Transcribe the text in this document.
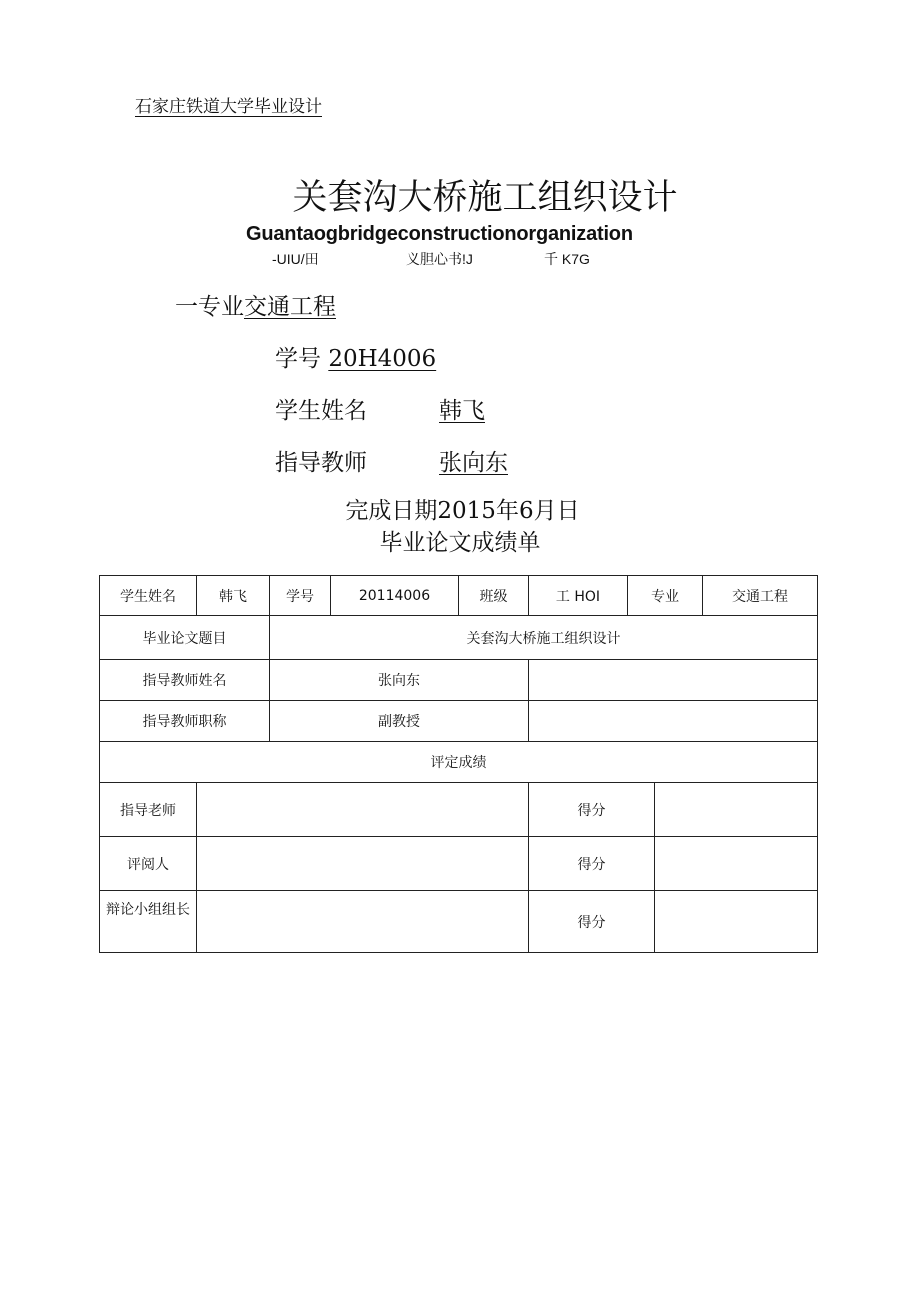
石家庄铁道大学毕业设计
关套沟大桥施工组织设计
Guantaogbridgeconstructionorganization
-UIU/田	义胆心书!J	千 K7G
一专业交通工程
学号 20H4006
学生姓名	韩飞
指导教师	张向东
完成日期2015年6月日
毕业论文成绩单
学生姓名	韩飞	学号	20114006	班级	工 HOI	专业		交通工程
毕业论文题目		关套沟大桥施工组织设计						
指导教师姓名		张向东						
指导教师职称		副教授						
评定成绩								
指导老师					得分			
评阅人					得分			
辩论小组组长					得分			
